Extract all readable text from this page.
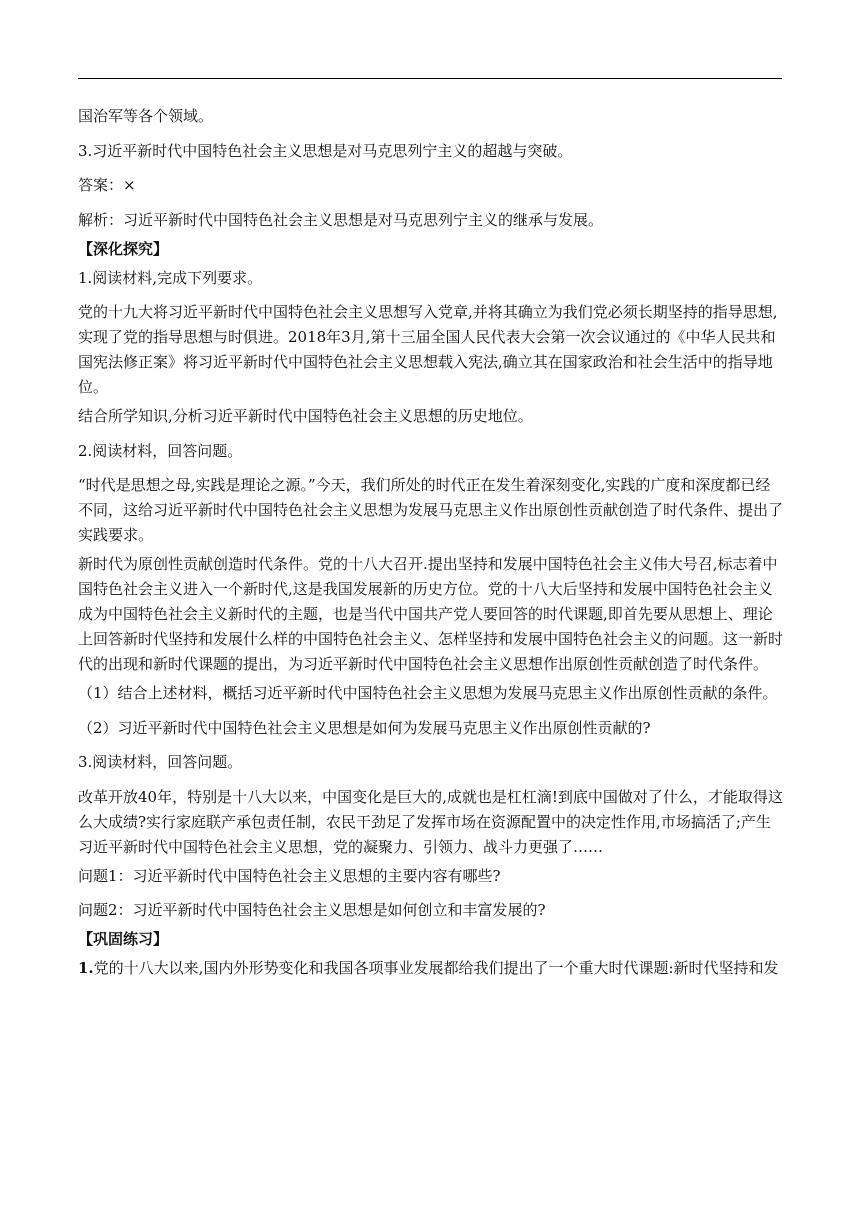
国治军等各个领域。

3.习近平新时代中国特色社会主义思想是对马克思列宁主义的超越与突破。

答案：×

解析：习近平新时代中国特色社会主义思想是对马克思列宁主义的继承与发展。

【深化探究】

1.阅读材料,完成下列要求。

党的十九大将习近平新时代中国特色社会主义思想写入党章,并将其确立为我们党必须长期坚持的指导思想,实现了党的指导思想与时俱进。2018年3月,第十三届全国人民代表大会第一次会议通过的《中华人民共和国宪法修正案》将习近平新时代中国特色社会主义思想载入宪法,确立其在国家政治和社会生活中的指导地位。

结合所学知识,分析习近平新时代中国特色社会主义思想的历史地位。

2.阅读材料，回答问题。

“时代是思想之母,实践是理论之源。”今天，我们所处的时代正在发生着深刻变化,实践的广度和深度都已经不同，这给习近平新时代中国特色社会主义思想为发展马克思主义作出原创性贡献创造了时代条件、提出了实践要求。

新时代为原创性贡献创造时代条件。党的十八大召开.提出坚持和发展中国特色社会主义伟大号召,标志着中国特色社会主义进入一个新时代,这是我国发展新的历史方位。党的十八大后坚持和发展中国特色社会主义成为中国特色社会主义新时代的主题，也是当代中国共产党人要回答的时代课题,即首先要从思想上、理论上回答新时代坚持和发展什么样的中国特色社会主义、怎样坚持和发展中国特色社会主义的问题。这一新时代的出现和新时代课题的提出，为习近平新时代中国特色社会主义思想作出原创性贡献创造了时代条件。

（1）结合上述材料，概括习近平新时代中国特色社会主义思想为发展马克思主义作出原创性贡献的条件。

（2）习近平新时代中国特色社会主义思想是如何为发展马克思主义作出原创性贡献的?

3.阅读材料，回答问题。

改革开放40年，特别是十八大以来，中国变化是巨大的,成就也是杠杠滴!到底中国做对了什么，才能取得这么大成绩?实行家庭联产承包责任制，农民干劲足了发挥市场在资源配置中的决定性作用,市场搞活了;产生习近平新时代中国特色社会主义思想，党的凝聚力、引领力、战斗力更强了……

问题1：习近平新时代中国特色社会主义思想的主要内容有哪些?

问题2：习近平新时代中国特色社会主义思想是如何创立和丰富发展的?

【巩固练习】

1.党的十八大以来,国内外形势变化和我国各项事业发展都给我们提出了一个重大时代课题:新时代坚持和发
